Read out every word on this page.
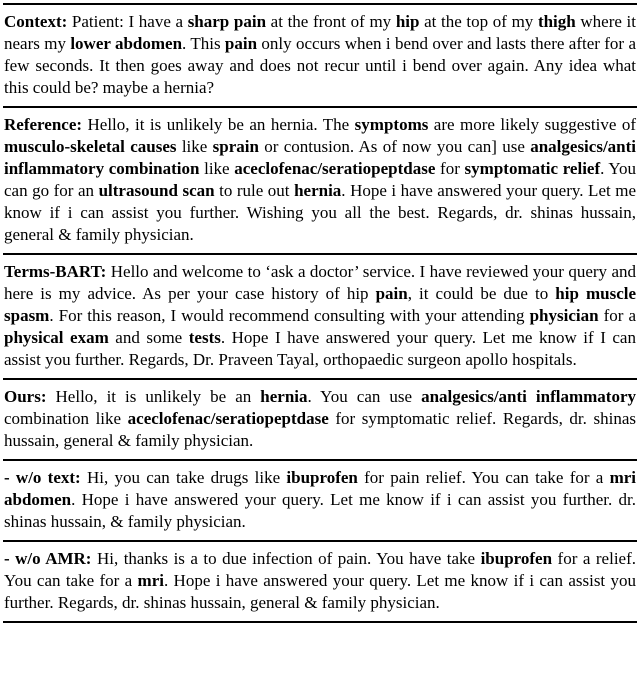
Context: Patient: I have a sharp pain at the front of my hip at the top of my thigh where it nears my lower abdomen. This pain only occurs when i bend over and lasts there after for a few seconds. It then goes away and does not recur until i bend over again. Any idea what this could be? maybe a hernia?

Reference: Hello, it is unlikely be an hernia. The symptoms are more likely suggestive of musculo-skeletal causes like sprain or contusion. As of now you can] use analgesics/anti inflammatory combination like aceclofenac/seratiopeptdase for symptomatic relief. You can go for an ultrasound scan to rule out hernia. Hope i have answered your query. Let me know if i can assist you further. Wishing you all the best. Regards, dr. shinas hussain, general & family physician.

Terms-BART: Hello and welcome to ‘ask a doctor’ service. I have reviewed your query and here is my advice. As per your case history of hip pain, it could be due to hip muscle spasm. For this reason, I would recommend consulting with your attending physician for a physical exam and some tests. Hope I have answered your query. Let me know if I can assist you further. Regards, Dr. Praveen Tayal, orthopaedic surgeon apollo hospitals.

Ours: Hello, it is unlikely be an hernia. You can use analgesics/anti inflammatory combination like aceclofenac/seratiopeptdase for symptomatic relief. Regards, dr. shinas hussain, general & family physician.

- w/o text: Hi, you can take drugs like ibuprofen for pain relief. You can take for a mri abdomen. Hope i have answered your query. Let me know if i can assist you further. dr. shinas hussain, & family physician.

- w/o AMR: Hi, thanks is a to due infection of pain. You have take ibuprofen for a relief. You can take for a mri. Hope i have answered your query. Let me know if i can assist you further. Regards, dr. shinas hussain, general & family physician.
